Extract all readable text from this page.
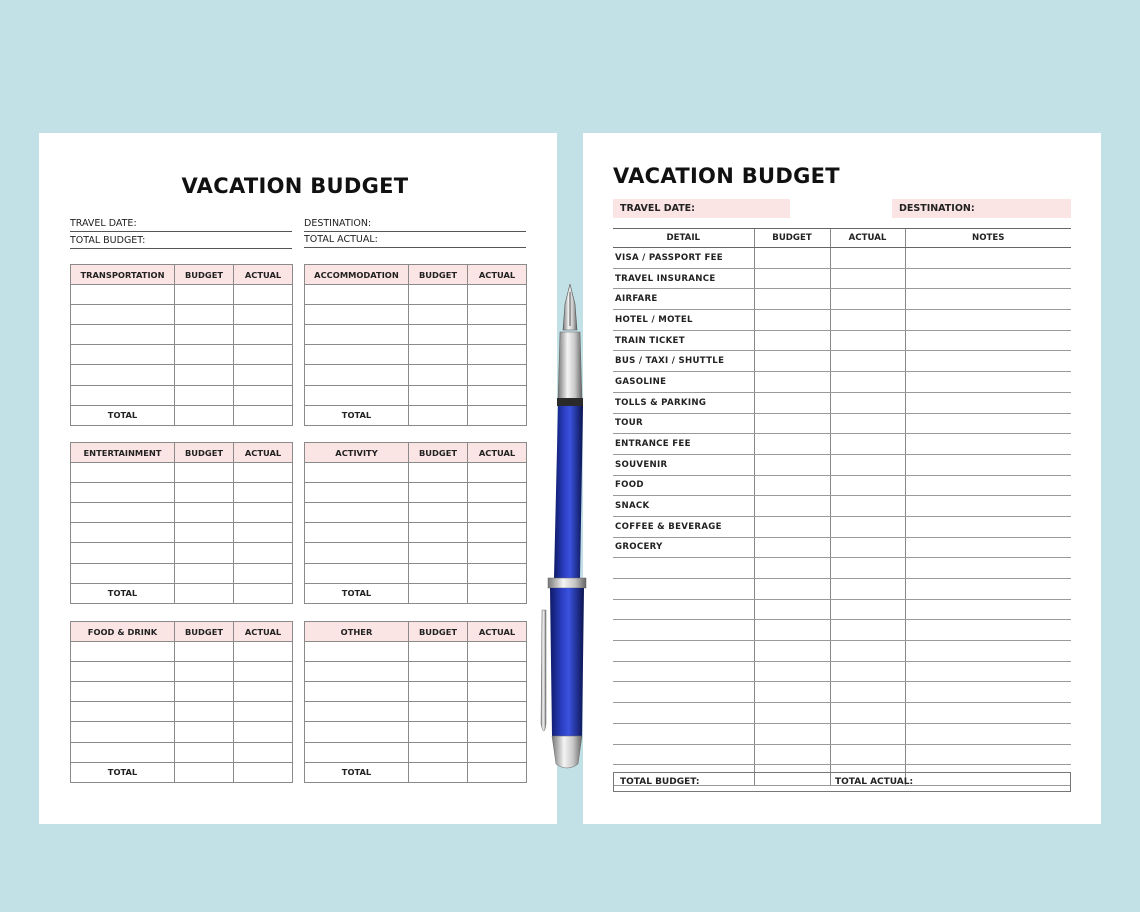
VACATION BUDGET
TRAVEL DATE:
TOTAL BUDGET:
DESTINATION:
TOTAL ACTUAL:
TRANSPORTATION	BUDGET	ACTUAL

TOTAL		
ACCOMMODATION	BUDGET	ACTUAL

TOTAL		
ENTERTAINMENT	BUDGET	ACTUAL

TOTAL		
ACTIVITY	BUDGET	ACTUAL

TOTAL		
FOOD & DRINK	BUDGET	ACTUAL

TOTAL		
OTHER	BUDGET	ACTUAL

TOTAL		
VACATION BUDGET
TRAVEL DATE:	DESTINATION:
DETAIL	BUDGET	ACTUAL	NOTES
VISA / PASSPORT FEE			
TRAVEL INSURANCE			
AIRFARE			
HOTEL / MOTEL			
TRAIN TICKET			
BUS / TAXI / SHUTTLE			
GASOLINE			
TOLLS & PARKING			
TOUR			
ENTRANCE FEE			
SOUVENIR			
FOOD			
SNACK			
COFFEE & BEVERAGE			
GROCERY			

TOTAL BUDGET:	TOTAL ACTUAL:
